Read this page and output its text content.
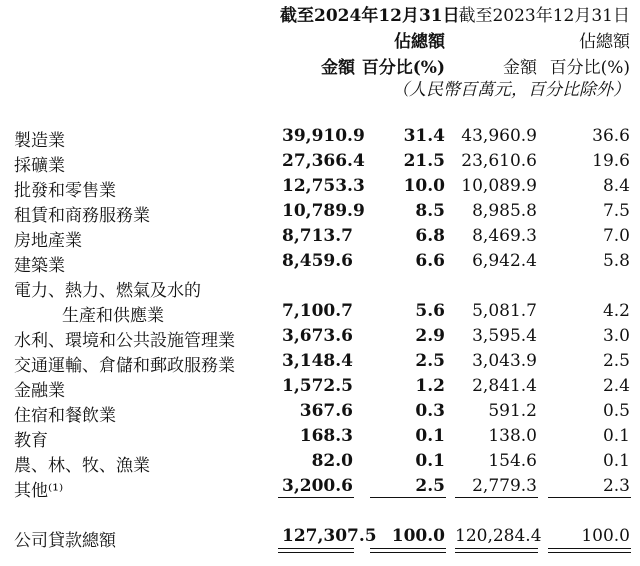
截至2024年12月31日
截至2023年12月31日
佔總額	佔總額
金額 百分比(%)	金額 百分比(%)
（人民幣百萬元，百分比除外）
製造業	39,910.9	31.4 43,960.9	36.6
採礦業	27,366.4	21.5 23,610.6	19.6
批發和零售業	12,753.3	10.0 10,089.9	8.4
租賃和商務服務業	10,789.9	8.5	8,985.8	7.5
房地產業	8,713.7	6.8	8,469.3	7.0
建築業	8,459.6	6.6	6,942.4	5.8
電力、熱力、燃氣及水的
生產和供應業	7,100.7	5.6	5,081.7	4.2
水利、環境和公共設施管理業	3,673.6	2.9	3,595.4	3.0
交通運輸、倉儲和郵政服務業	3,148.4	2.5	3,043.9	2.5
金融業	1,572.5	1.2	2,841.4	2.4
住宿和餐飲業	367.6	0.3	591.2	0.5
教育	168.3	0.1	138.0	0.1
農、林、牧、漁業	82.0	0.1	154.6	0.1
其他⁽¹⁾	3,200.6	2.5	2,779.3	2.3
公司貸款總額	127,307.5 100.0 120,284.4	100.0
